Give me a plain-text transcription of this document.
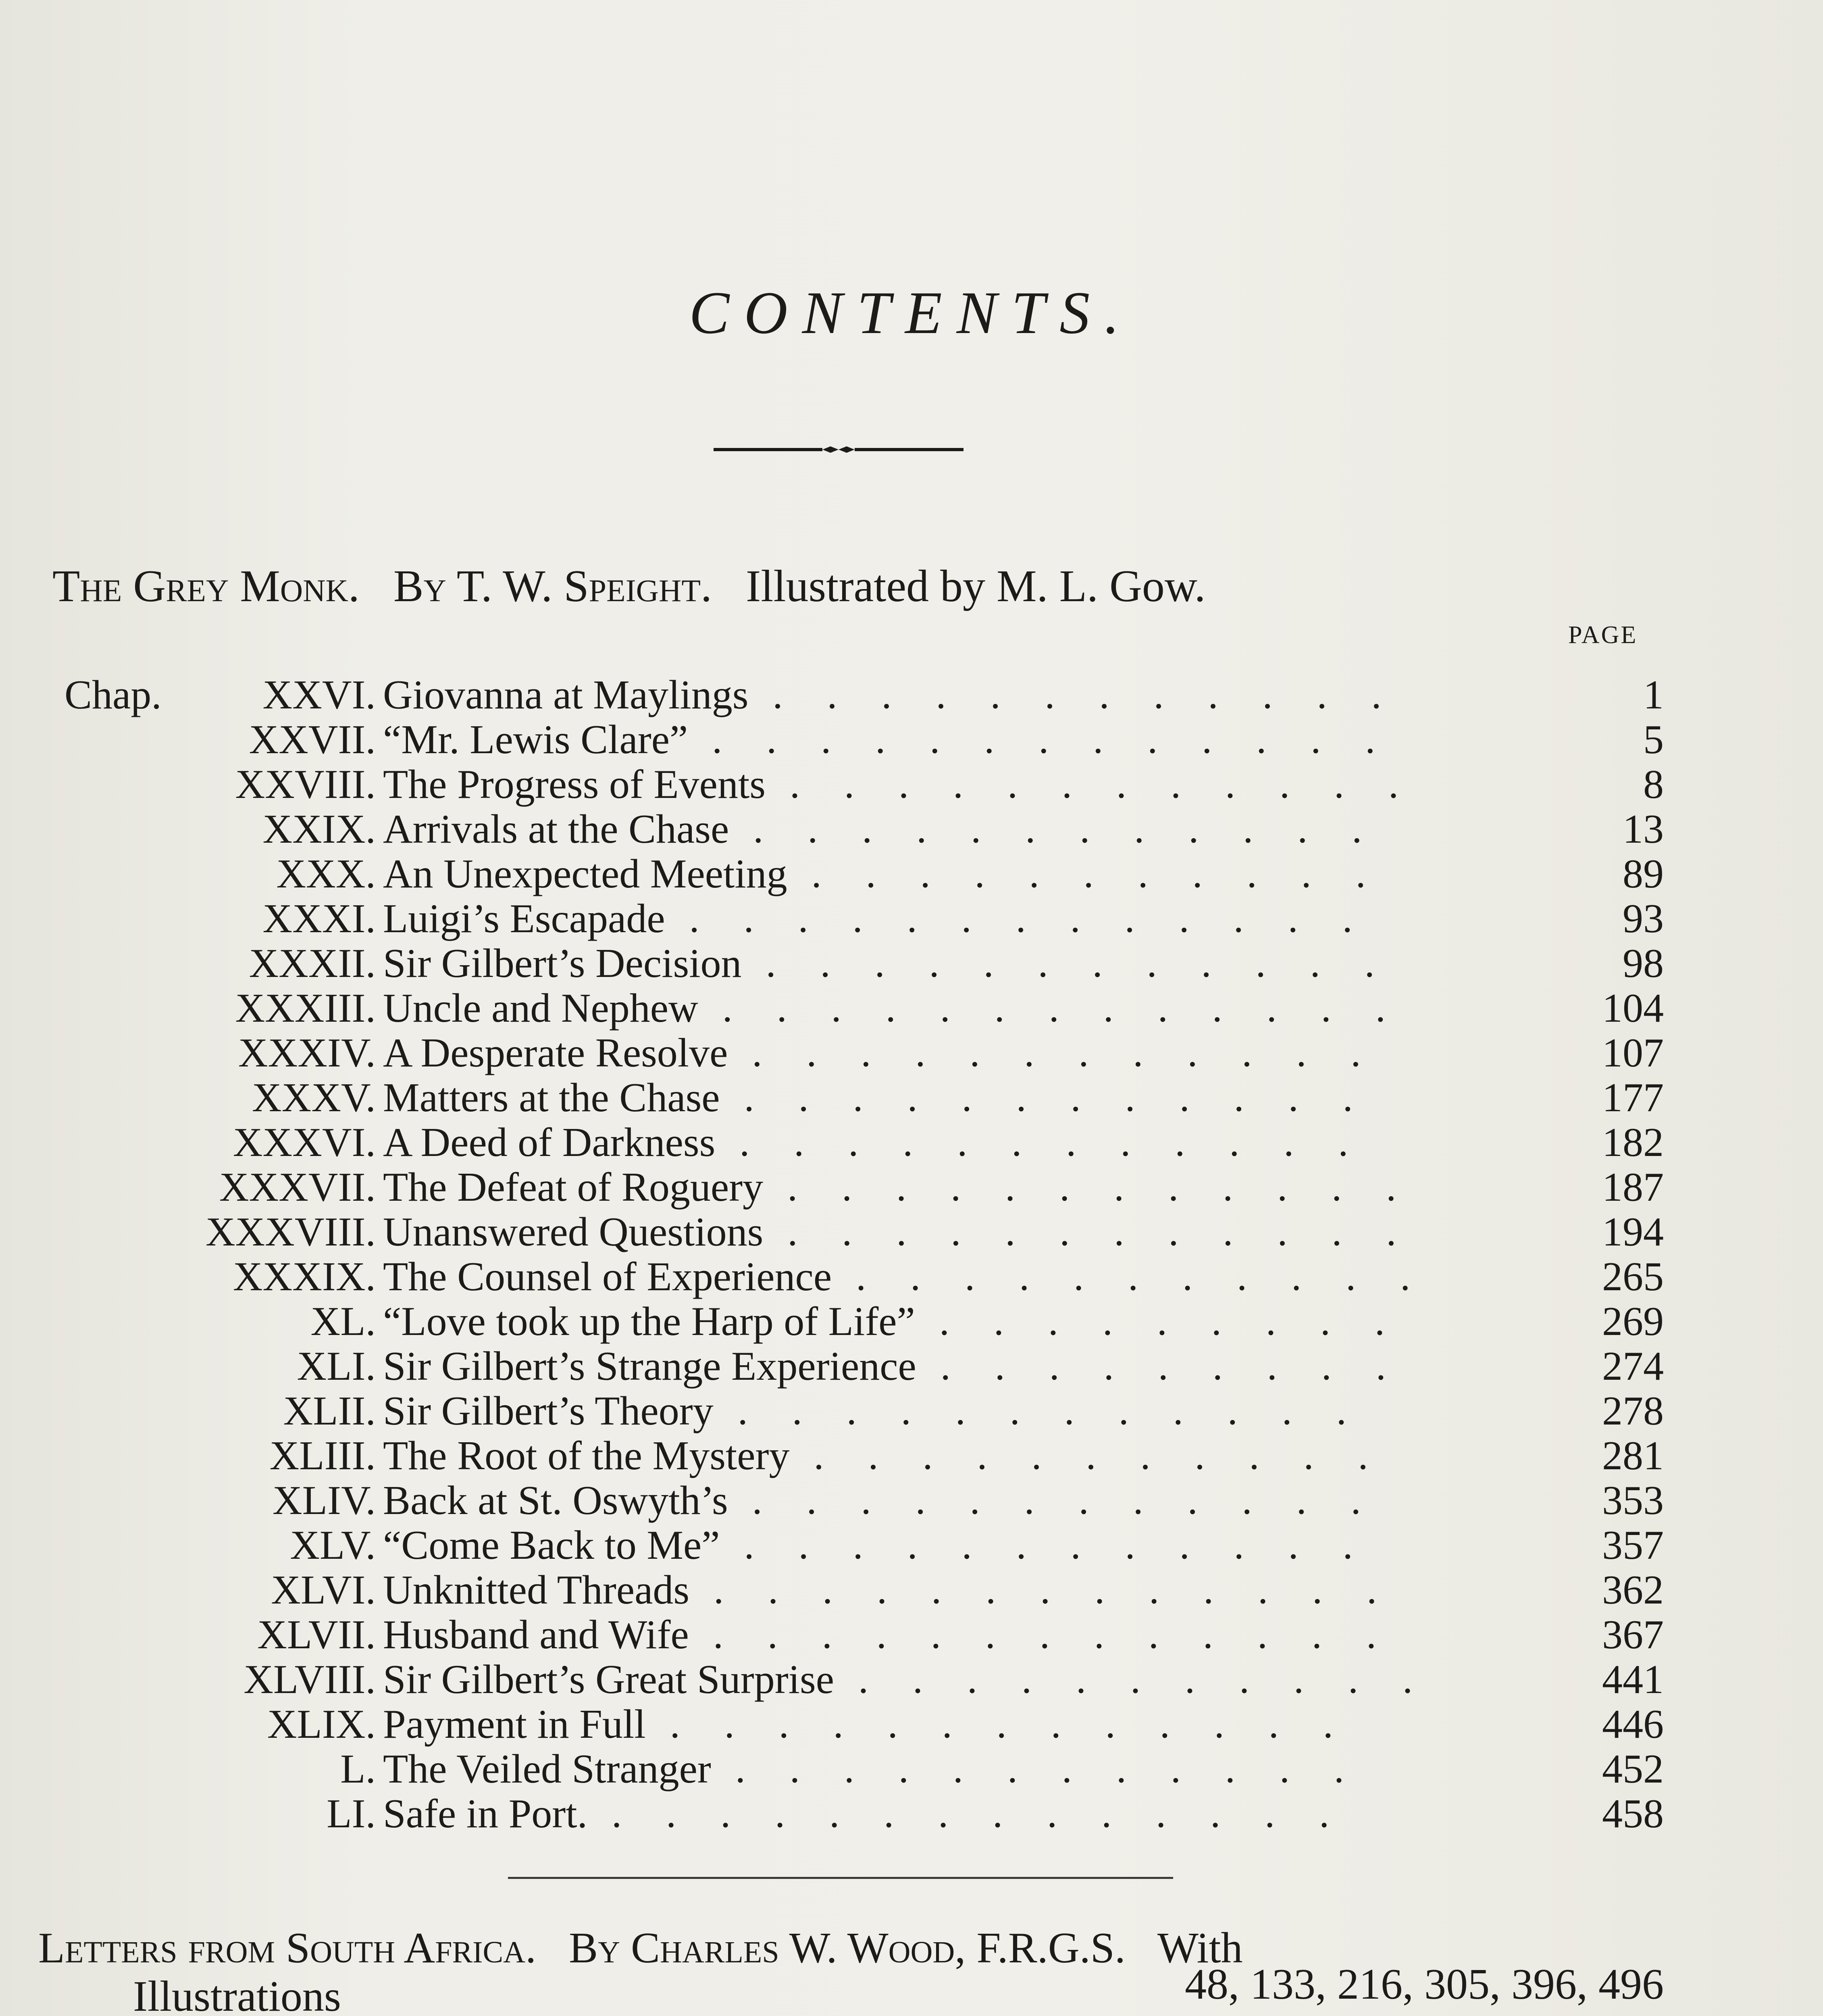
CONTENTS.
The Grey Monk. By T. W. Speight. Illustrated by M. L. Gow.
PAGE
Chap. XXVI. Giovanna at Maylings	1
............
XXVII. “Mr. Lewis Clare”	5
.............
XXVIII. The Progress of Events	8
............
XXIX. Arrivals at the Chase	13
............
XXX. An Unexpected Meeting	89
...........
XXXI. Luigi’s Escapade	93
.............
XXXII. Sir Gilbert’s Decision	98
............
XXXIII. Uncle and Nephew	104
.............
XXXIV. A Desperate Resolve	107
............
XXXV. Matters at the Chase	177
............
XXXVI. A Deed of Darkness	182
............
XXXVII. The Defeat of Roguery	187
............
XXXVIII. Unanswered Questions	194
............
XXXIX. The Counsel of Experience	265
...........
XL. “Love took up the Harp of Life”	269
.........
XLI. Sir Gilbert’s Strange Experience	274
.........
XLII. Sir Gilbert’s Theory	278
............
XLIII. The Root of the Mystery	281
...........
XLIV. Back at St. Oswyth’s	353
............
XLV. “Come Back to Me”	357
............
XLVI. Unknitted Threads	362
.............
XLVII. Husband and Wife	367
.............
XLVIII. Sir Gilbert’s Great Surprise	441
...........
XLIX. Payment in Full	446
.............
L. The Veiled Stranger	452
............
LI. Safe in Port.	458
..............
Letters from South Africa. By Charles W. Wood, F.R.G.S. With
Illustrations	48, 133, 216, 305, 396, 496
